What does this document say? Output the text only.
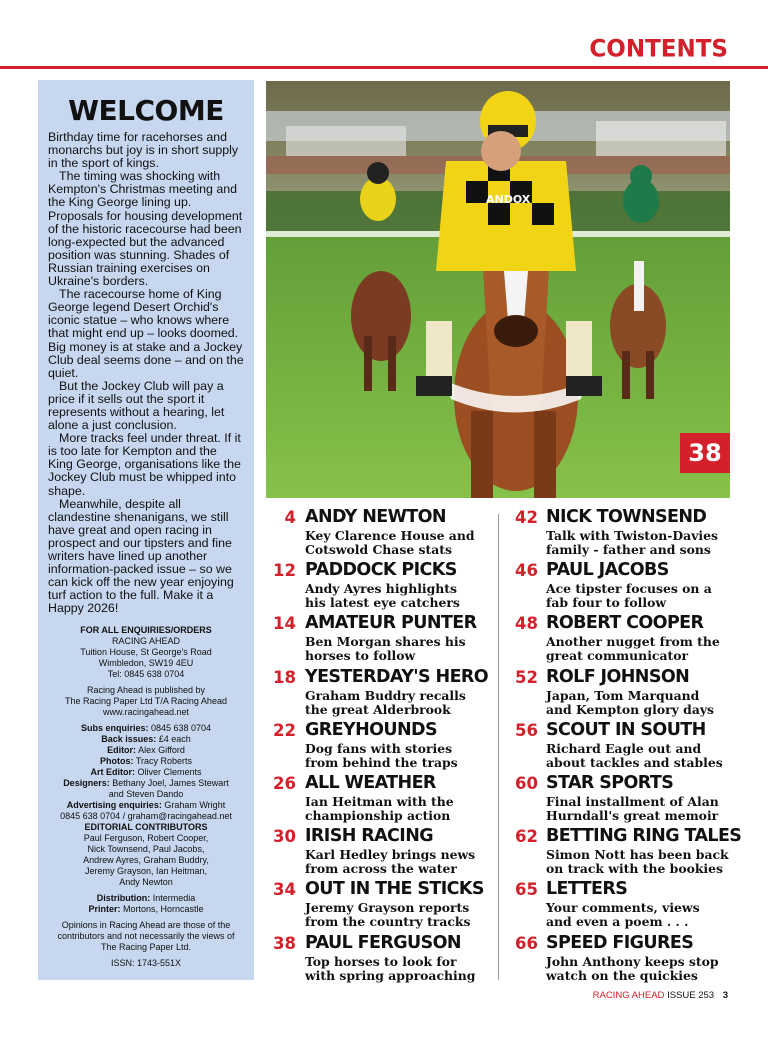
CONTENTS
WELCOME

Birthday time for racehorses and monarchs but joy is in short supply in the sport of kings.

The timing was shocking with Kempton's Christmas meeting and the King George lining up. Proposals for housing development of the historic racecourse had been long-expected but the advanced position was stunning. Shades of Russian training exercises on Ukraine's borders.

The racecourse home of King George legend Desert Orchid's iconic statue – who knows where that might end up – looks doomed. Big money is at stake and a Jockey Club deal seems done – and on the quiet.

But the Jockey Club will pay a price if it sells out the sport it represents without a hearing, let alone a just conclusion.

More tracks feel under threat. If it is too late for Kempton and the King George, organisations like the Jockey Club must be whipped into shape.

Meanwhile, despite all clandestine shenanigans, we still have great and open racing in prospect and our tipsters and fine writers have lined up another information-packed issue – so we can kick off the new year enjoying turf action to the full. Make it a Happy 2026!

FOR ALL ENQUIRIES/ORDERS
RACING AHEAD
Tuition House, St George's Road
Wimbledon, SW19 4EU
Tel: 0845 638 0704
Racing Ahead is published by
The Racing Paper Ltd T/A Racing Ahead
www.racingahead.net
Subs enquiries: 0845 638 0704
Back issues: £4 each
Editor: Alex Gifford
Photos: Tracy Roberts
Art Editor: Oliver Clements
Designers: Bethany Joel, James Stewart
and Steven Dando
Advertising enquiries: Graham Wright
0845 638 0704 / graham@racingahead.net
EDITORIAL CONTRIBUTORS
Paul Ferguson, Robert Cooper,
Nick Townsend, Paul Jacobs,
Andrew Ayres, Graham Buddry,
Jeremy Grayson, Ian Heitman,
Andy Newton
Distribution: Intermedia
Printer: Mortons, Horncastle
Opinions in Racing Ahead are those of the
contributors and not necessarily the views of
The Racing Paper Ltd.
ISSN: 1743-551X
ANDOX
38
4 ANDY NEWTON
Key Clarence House and
Cotswold Chase stats
12 PADDOCK PICKS
Andy Ayres highlights
his latest eye catchers
14 AMATEUR PUNTER
Ben Morgan shares his
horses to follow
18 YESTERDAY'S HERO
Graham Buddry recalls
the great Alderbrook
22 GREYHOUNDS
Dog fans with stories
from behind the traps
26 ALL WEATHER
Ian Heitman with the
championship action
30 IRISH RACING
Karl Hedley brings news
from across the water
34 OUT IN THE STICKS
Jeremy Grayson reports
from the country tracks
38 PAUL FERGUSON
Top horses to look for
with spring approaching
42 NICK TOWNSEND
Talk with Twiston-Davies
family - father and sons
46 PAUL JACOBS
Ace tipster focuses on a
fab four to follow
48 ROBERT COOPER
Another nugget from the
great communicator
52 ROLF JOHNSON
Japan, Tom Marquand
and Kempton glory days
56 SCOUT IN SOUTH
Richard Eagle out and
about tackles and stables
60 STAR SPORTS
Final installment of Alan
Hurndall's great memoir
62 BETTING RING TALES
Simon Nott has been back
on track with the bookies
65 LETTERS
Your comments, views
and even a poem . . .
66 SPEED FIGURES
John Anthony keeps stop
watch on the quickies
RACING AHEAD ISSUE 253 3
